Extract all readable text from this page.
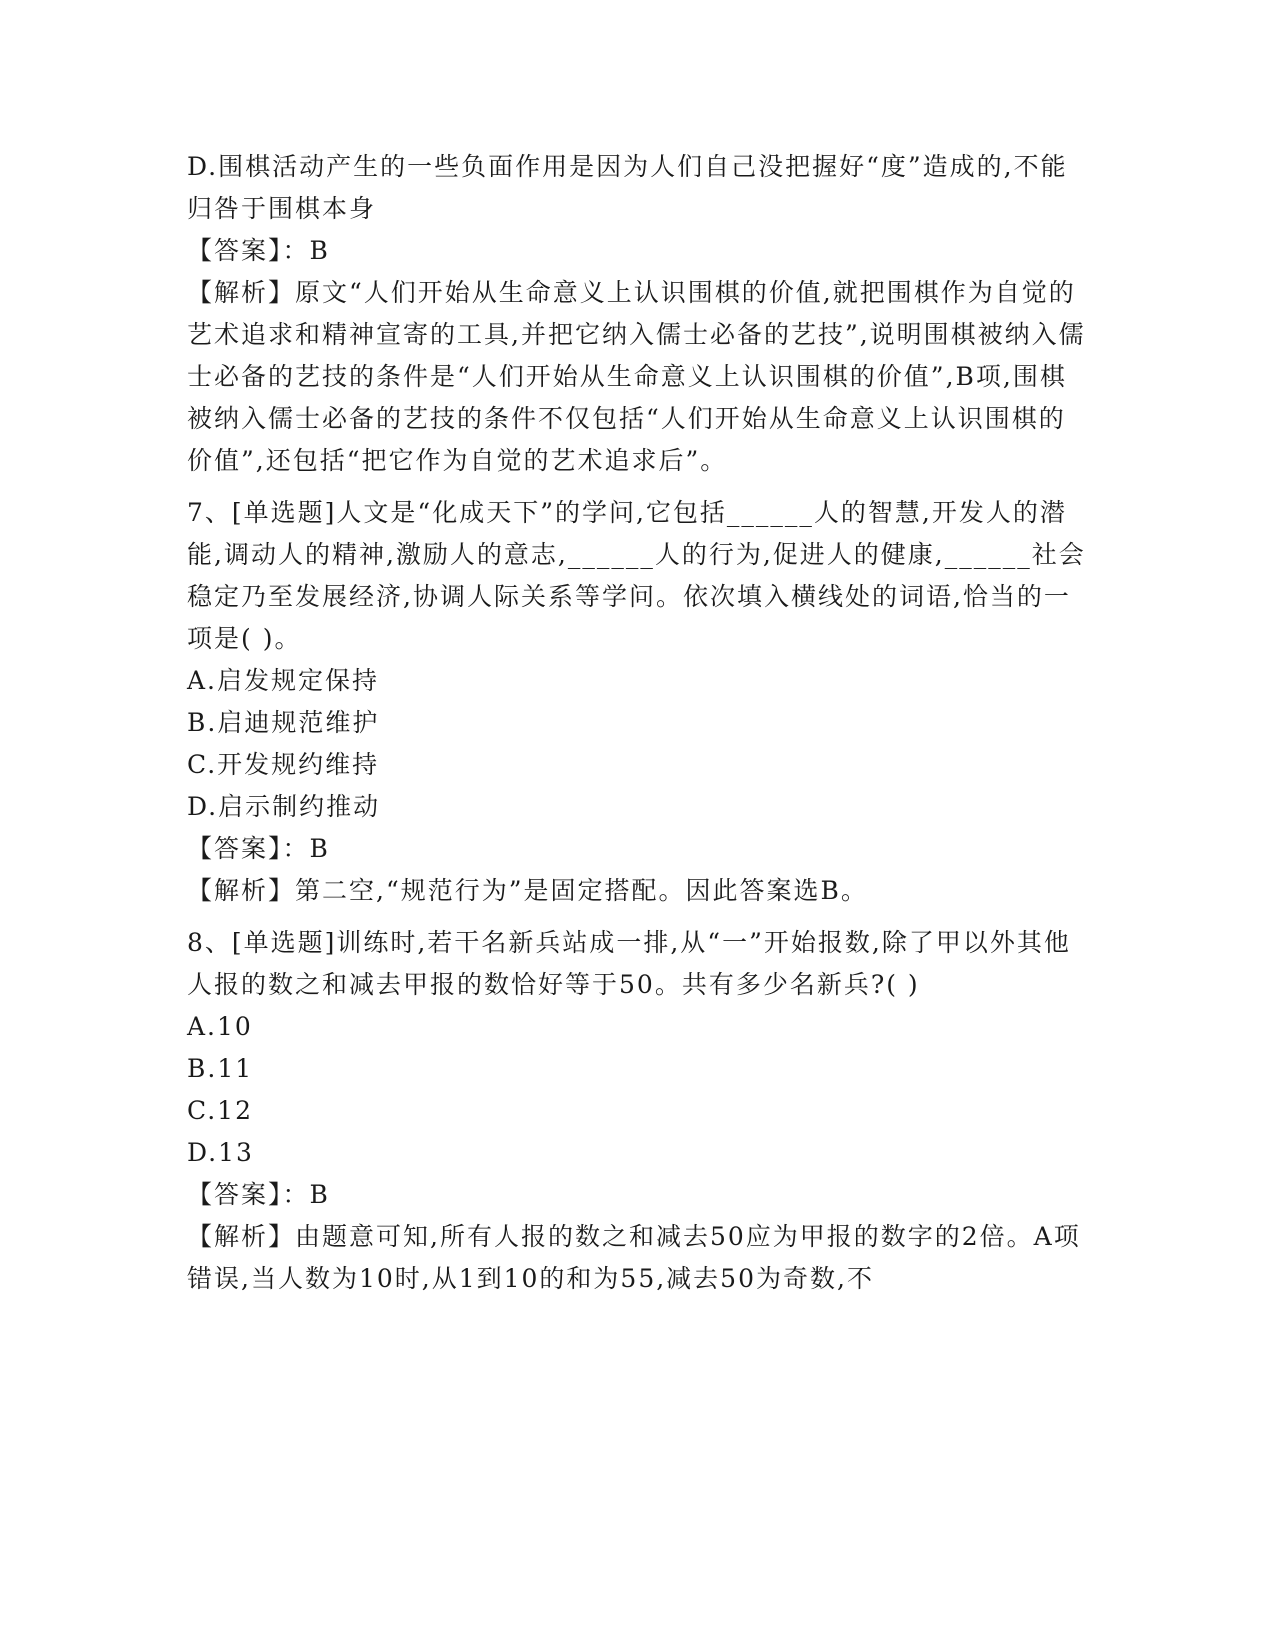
D.围棋活动产生的一些负面作用是因为人们自己没把握好“度”造成的,不能归咎于围棋本身

【答案】：B

【解析】原文“人们开始从生命意义上认识围棋的价值,就把围棋作为自觉的艺术追求和精神宣寄的工具,并把它纳入儒士必备的艺技”,说明围棋被纳入儒士必备的艺技的条件是“人们开始从生命意义上认识围棋的价值”,B项,围棋被纳入儒士必备的艺技的条件不仅包括“人们开始从生命意义上认识围棋的价值”,还包括“把它作为自觉的艺术追求后”。

7、[单选题]人文是“化成天下”的学问,它包括______人的智慧,开发人的潜能,调动人的精神,激励人的意志,______人的行为,促进人的健康,______社会稳定乃至发展经济,协调人际关系等学问。依次填入横线处的词语,恰当的一项是( )。

A.启发规定保持

B.启迪规范维护

C.开发规约维持

D.启示制约推动

【答案】：B

【解析】第二空,“规范行为”是固定搭配。因此答案选B。

8、[单选题]训练时,若干名新兵站成一排,从“一”开始报数,除了甲以外其他人报的数之和减去甲报的数恰好等于50。共有多少名新兵?( )

A.10

B.11

C.12

D.13

【答案】：B

【解析】由题意可知,所有人报的数之和减去50应为甲报的数字的2倍。A项错误,当人数为10时,从1到10的和为55,减去50为奇数,不
